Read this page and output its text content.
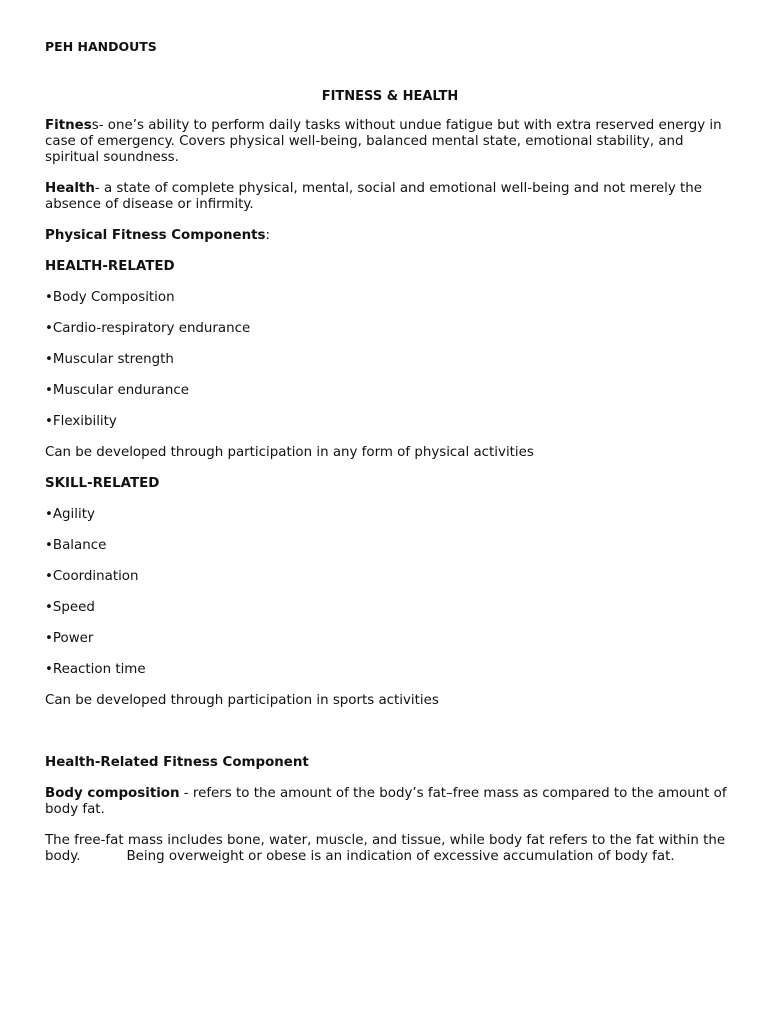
PEH HANDOUTS
FITNESS & HEALTH

Fitness- one’s ability to perform daily tasks without undue fatigue but with extra reserved energy in case of emergency. Covers physical well-being, balanced mental state, emotional stability, and spiritual soundness.

Health- a state of complete physical, mental, social and emotional well-being and not merely the absence of disease or infirmity.

Physical Fitness Components:

HEALTH-RELATED
•Body Composition
•Cardio-respiratory endurance
•Muscular strength
•Muscular endurance
•Flexibility

Can be developed through participation in any form of physical activities

SKILL-RELATED
•Agility
•Balance
•Coordination
•Speed
•Power
•Reaction time

Can be developed through participation in sports activities

Health-Related Fitness Component

Body composition - refers to the amount of the body’s fat–free mass as compared to the amount of body fat.

The free-fat mass includes bone, water, muscle, and tissue, while body fat refers to the fat within the body.	Being overweight or obese is an indication of excessive accumulation of body fat.
